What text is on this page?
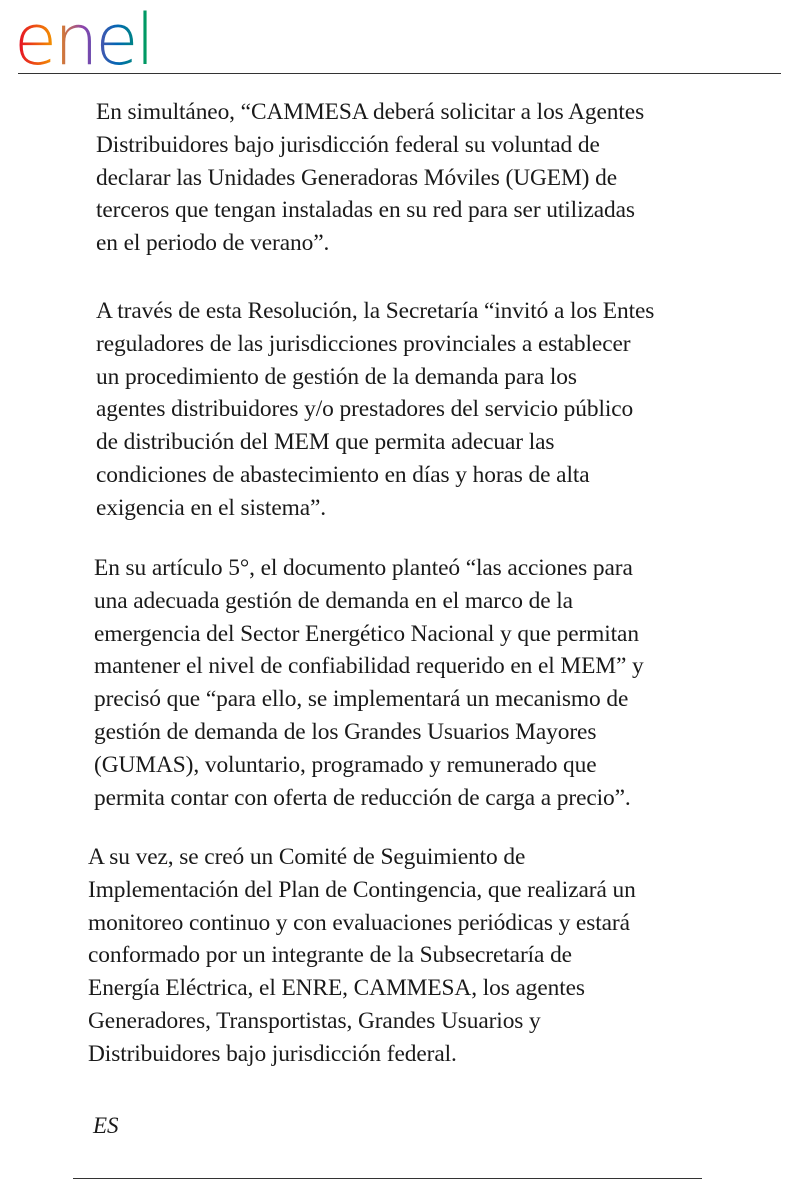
enel

En simultáneo, “CAMMESA deberá solicitar a los Agentes
Distribuidores bajo jurisdicción federal su voluntad de
declarar las Unidades Generadoras Móviles (UGEM) de
terceros que tengan instaladas en su red para ser utilizadas
en el periodo de verano”.

A través de esta Resolución, la Secretaría “invitó a los Entes
reguladores de las jurisdicciones provinciales a establecer
un procedimiento de gestión de la demanda para los
agentes distribuidores y/o prestadores del servicio público
de distribución del MEM que permita adecuar las
condiciones de abastecimiento en días y horas de alta
exigencia en el sistema”.

En su artículo 5°, el documento planteó “las acciones para
una adecuada gestión de demanda en el marco de la
emergencia del Sector Energético Nacional y que permitan
mantener el nivel de confiabilidad requerido en el MEM” y
precisó que “para ello, se implementará un mecanismo de
gestión de demanda de los Grandes Usuarios Mayores
(GUMAS), voluntario, programado y remunerado que
permita contar con oferta de reducción de carga a precio”.

A su vez, se creó un Comité de Seguimiento de
Implementación del Plan de Contingencia, que realizará un
monitoreo continuo y con evaluaciones periódicas y estará
conformado por un integrante de la Subsecretaría de
Energía Eléctrica, el ENRE, CAMMESA, los agentes
Generadores, Transportistas, Grandes Usuarios y
Distribuidores bajo jurisdicción federal.

ES
